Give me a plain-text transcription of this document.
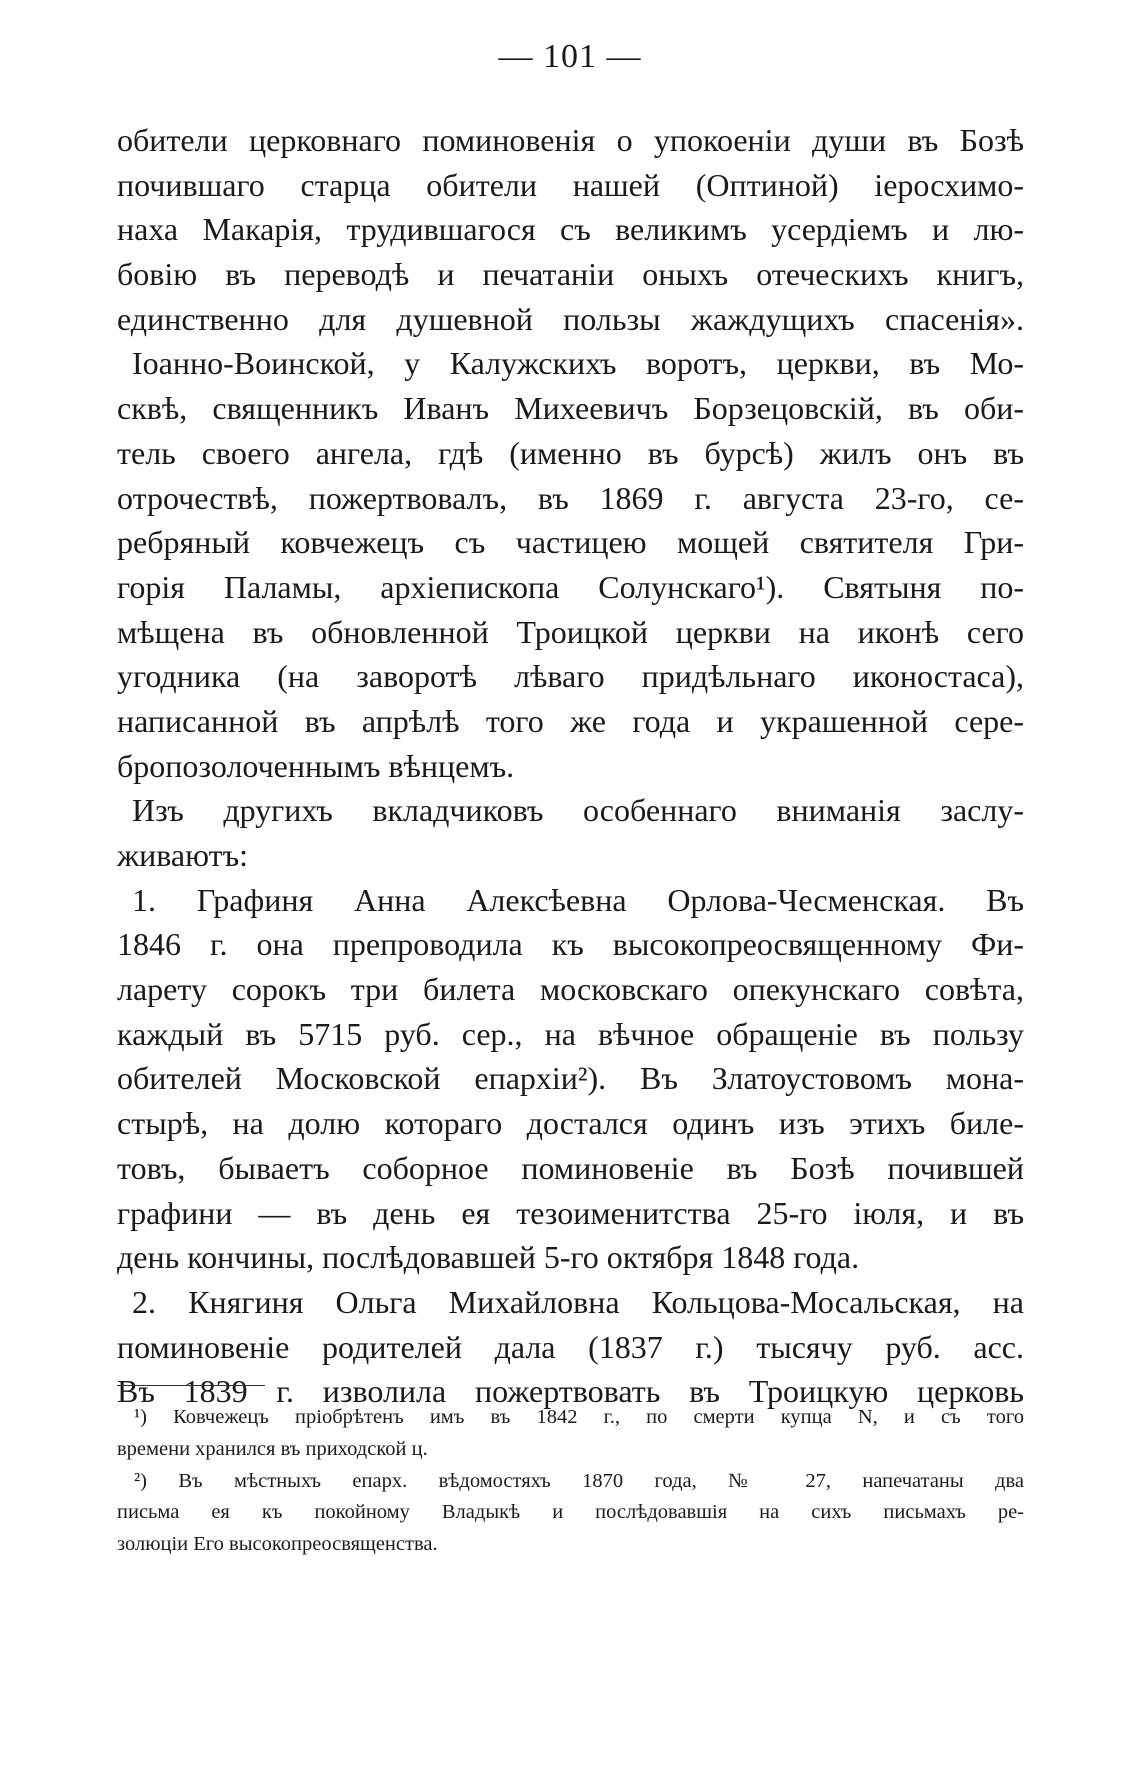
— 101 —
обители церковнаго поминовенія о упокоеніи души въ Бозѣ
почившаго старца обители нашей (Оптиной) іеросхимо-
наха Макарія, трудившагося съ великимъ усердіемъ и лю-
бовію въ переводѣ и печатаніи оныхъ отеческихъ книгъ,
единственно для душевной пользы жаждущихъ спасенія».
Іоанно-Воинской, у Калужскихъ воротъ, церкви, въ Мо-
сквѣ, священникъ Иванъ Михеевичъ Борзецовскій, въ оби-
тель своего ангела, гдѣ (именно въ бурсѣ) жилъ онъ въ
отрочествѣ, пожертвовалъ, въ 1869 г. августа 23-го, се-
ребряный ковчежецъ съ частицею мощей святителя Гри-
горія Паламы, архіепископа Солунскаго¹). Святыня по-
мѣщена въ обновленной Троицкой церкви на иконѣ сего
угодника (на заворотѣ лѣваго придѣльнаго иконостаса),
написанной въ апрѣлѣ того же года и украшенной сере-
бропозолоченнымъ вѣнцемъ.
Изъ другихъ вкладчиковъ особеннаго вниманія заслу-
живаютъ:
1. Графиня Анна Алексѣевна Орлова-Чесменская. Въ
1846 г. она препроводила къ высокопреосвященному Фи-
ларету сорокъ три билета московскаго опекунскаго совѣта,
каждый въ 5715 руб. сер., на вѣчное обращеніе въ пользу
обителей Московской епархіи²). Въ Златоустовомъ мона-
стырѣ, на долю котораго достался одинъ изъ этихъ биле-
товъ, бываетъ соборное поминовеніе въ Бозѣ почившей
графини — въ день ея тезоименитства 25-го іюля, и въ
день кончины, послѣдовавшей 5-го октября 1848 года.
2. Княгиня Ольга Михайловна Кольцова-Мосальская, на
поминовеніе родителей дала (1837 г.) тысячу руб. асс.
Въ 1839 г. изволила пожертвовать въ Троицкую церковь
¹) Ковчежецъ пріобрѣтенъ имъ въ 1842 г., по смерти купца N, и съ того
времени хранился въ приходской ц.
²) Въ мѣстныхъ епарх. вѣдомостяхъ 1870 года, № 27, напечатаны два
письма ея къ покойному Владыкѣ и послѣдовавшія на сихъ письмахъ ре-
золюціи Его высокопреосвященства.
